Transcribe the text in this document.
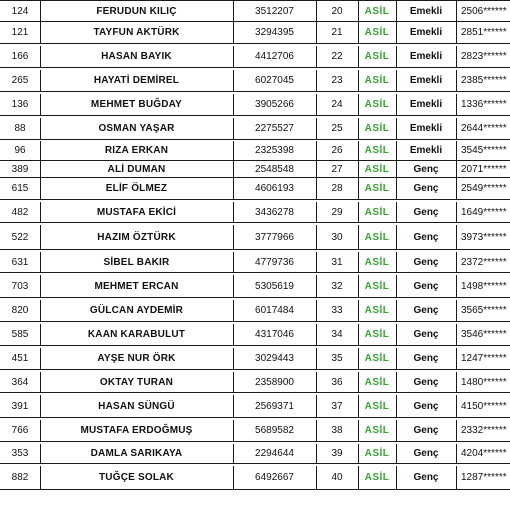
124	FERUDUN KILIÇ	3512207	20	ASİL	Emekli	2506******
121	TAYFUN AKTÜRK	3294395	21	ASİL	Emekli	2851******
166	HASAN BAYIK	4412706	22	ASİL	Emekli	2823******
265	HAYATİ DEMİREL	6027045	23	ASİL	Emekli	2385******
136	MEHMET BUĞDAY	3905266	24	ASİL	Emekli	1336******
88	OSMAN YAŞAR	2275527	25	ASİL	Emekli	2644******
96	RIZA ERKAN	2325398	26	ASİL	Emekli	3545******
389	ALİ DUMAN	2548548	27	ASİL	Genç	2071******
615	ELİF ÖLMEZ	4606193	28	ASİL	Genç	2549******
482	MUSTAFA EKİCİ	3436278	29	ASİL	Genç	1649******
522	HAZIM ÖZTÜRK	3777966	30	ASİL	Genç	3973******
631	SİBEL BAKIR	4779736	31	ASİL	Genç	2372******
703	MEHMET ERCAN	5305619	32	ASİL	Genç	1498******
820	GÜLCAN AYDEMİR	6017484	33	ASİL	Genç	3565******
585	KAAN KARABULUT	4317046	34	ASİL	Genç	3546******
451	AYŞE NUR ÖRK	3029443	35	ASİL	Genç	1247******
364	OKTAY TURAN	2358900	36	ASİL	Genç	1480******
391	HASAN SÜNGÜ	2569371	37	ASİL	Genç	4150******
766	MUSTAFA ERDOĞMUŞ	5689582	38	ASİL	Genç	2332******
353	DAMLA SARIKAYA	2294644	39	ASİL	Genç	4204******
882	TUĞÇE SOLAK	6492667	40	ASİL	Genç	1287******
